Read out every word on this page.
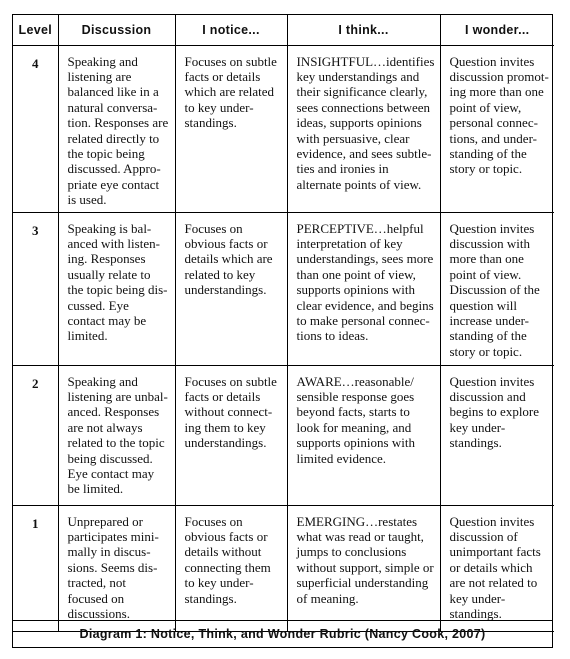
Level	Discussion	I notice...	I think...	I wonder...
4	Speaking and listening are balanced like in a natural conversa-tion. Responses are related directly to the topic being discussed. Appro-priate eye contact is used.	Focuses on subtle facts or details which are related to key under-standings.	INSIGHTFUL…identifies key understandings and their significance clearly, sees connections between ideas, supports opinions with persuasive, clear evidence, and sees subtle-ties and ironies in alternate points of view.	Question invites discussion promot-ing more than one point of view, personal connec-tions, and under-standing of the story or topic.
3	Speaking is bal-anced with listen-ing. Responses usually relate to the topic being dis-cussed. Eye contact may be limited.	Focuses on obvious facts or details which are related to key understandings.	PERCEPTIVE…helpful interpretation of key understandings, sees more than one point of view, supports opinions with clear evidence, and begins to make personal connec-tions to ideas.	Question invites discussion with more than one point of view. Discussion of the question will increase under-standing of the story or topic.
2	Speaking and listening are unbal-anced. Responses are not always related to the topic being discussed. Eye contact may be limited.	Focuses on subtle facts or details without connect-ing them to key understandings.	AWARE…reasonable/ sensible response goes beyond facts, starts to look for meaning, and supports opinions with limited evidence.	Question invites discussion and begins to explore key under-standings.
1	Unprepared or participates mini-mally in discus-sions. Seems dis-tracted, not focused on discussions.	Focuses on obvious facts or details without connecting them to key under-standings.	EMERGING…restates what was read or taught, jumps to conclusions without support, simple or superficial understanding of meaning.	Question invites discussion of unimportant facts or details which are not related to key under-standings.
Diagram 1: Notice, Think, and Wonder Rubric (Nancy Cook, 2007)
